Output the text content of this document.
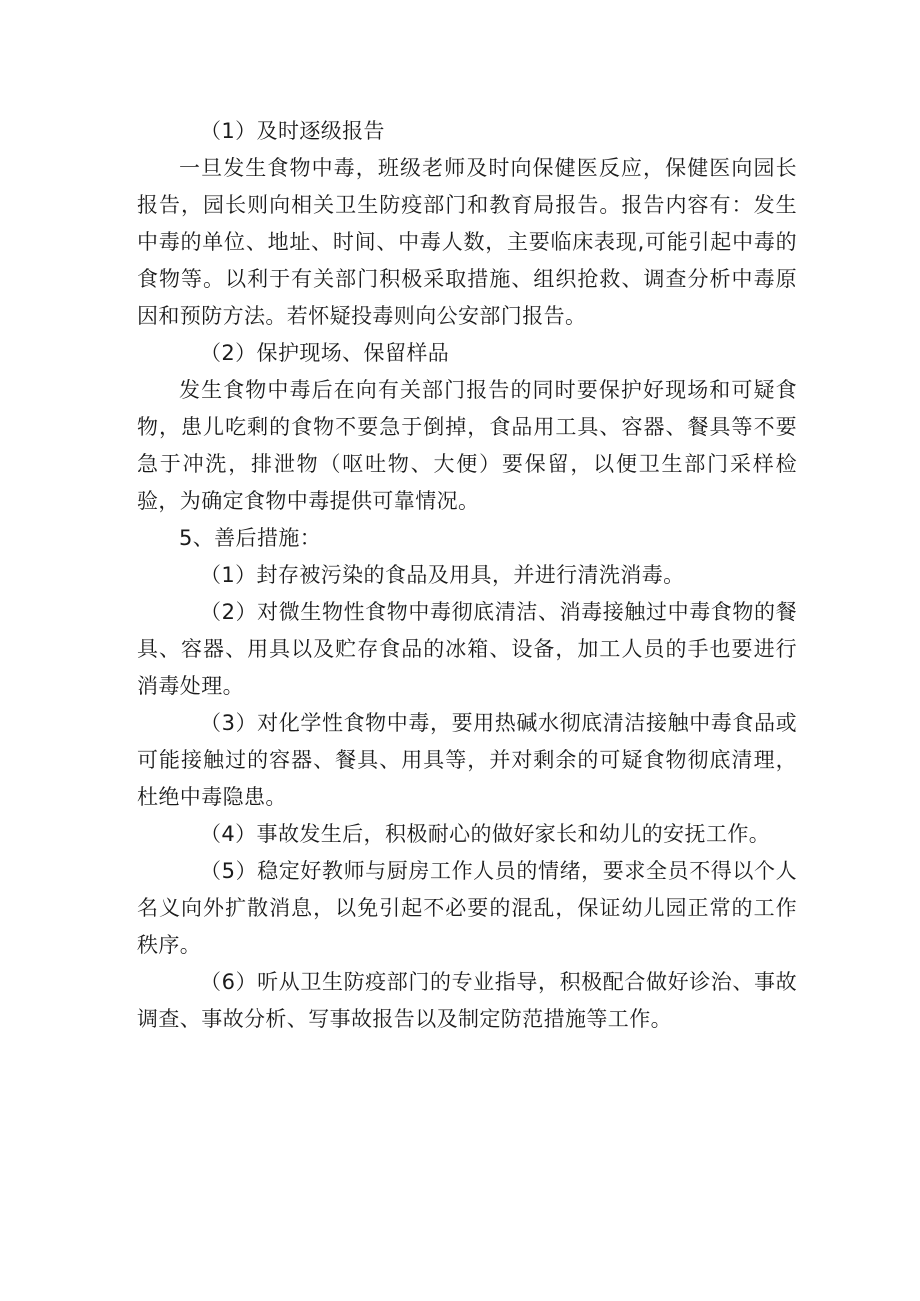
（1）及时逐级报告

一旦发生食物中毒，班级老师及时向保健医反应，保健医向园长报告，园长则向相关卫生防疫部门和教育局报告。报告内容有：发生中毒的单位、地址、时间、中毒人数，主要临床表现,可能引起中毒的食物等。以利于有关部门积极采取措施、组织抢救、调查分析中毒原因和预防方法。若怀疑投毒则向公安部门报告。

（2）保护现场、保留样品

发生食物中毒后在向有关部门报告的同时要保护好现场和可疑食物，患儿吃剩的食物不要急于倒掉，食品用工具、容器、餐具等不要急于冲洗，排泄物（呕吐物、大便）要保留，以便卫生部门采样检验，为确定食物中毒提供可靠情况。

5、善后措施：

（1）封存被污染的食品及用具，并进行清洗消毒。

（2）对微生物性食物中毒彻底清洁、消毒接触过中毒食物的餐具、容器、用具以及贮存食品的冰箱、设备，加工人员的手也要进行消毒处理。

（3）对化学性食物中毒，要用热碱水彻底清洁接触中毒食品或可能接触过的容器、餐具、用具等，并对剩余的可疑食物彻底清理，杜绝中毒隐患。

（4）事故发生后，积极耐心的做好家长和幼儿的安抚工作。

（5）稳定好教师与厨房工作人员的情绪，要求全员不得以个人名义向外扩散消息，以免引起不必要的混乱，保证幼儿园正常的工作秩序。

（6）听从卫生防疫部门的专业指导，积极配合做好诊治、事故调查、事故分析、写事故报告以及制定防范措施等工作。
